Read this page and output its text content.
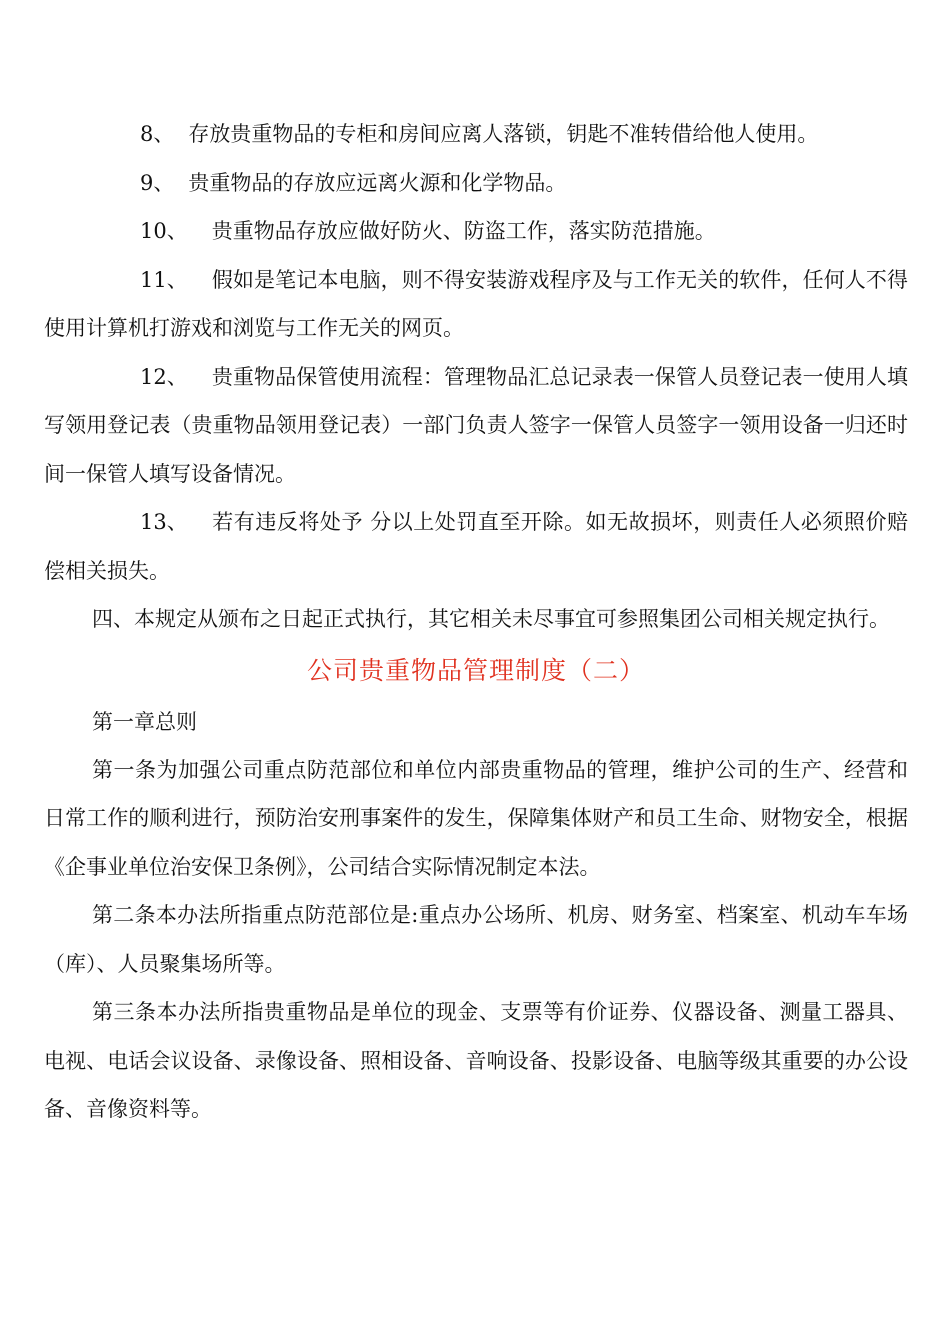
8、 存放贵重物品的专柜和房间应离人落锁，钥匙不准转借给他人使用。

9、 贵重物品的存放应远离火源和化学物品。

10、 贵重物品存放应做好防火、防盗工作，落实防范措施。

11、 假如是笔记本电脑，则不得安装游戏程序及与工作无关的软件，任何人不得使用计算机打游戏和浏览与工作无关的网页。

12、 贵重物品保管使用流程：管理物品汇总记录表一保管人员登记表一使用人填写领用登记表（贵重物品领用登记表）一部门负责人签字一保管人员签字一领用设备一归还时间一保管人填写设备情况。

13、 若有违反将处予 分以上处罚直至开除。如无故损坏，则责任人必须照价赔偿相关损失。

四、本规定从颁布之日起正式执行，其它相关未尽事宜可参照集团公司相关规定执行。

公司贵重物品管理制度（二）

第一章总则

第一条为加强公司重点防范部位和单位内部贵重物品的管理，维护公司的生产、经营和日常工作的顺利进行，预防治安刑事案件的发生，保障集体财产和员工生命、财物安全，根据《企事业单位治安保卫条例》，公司结合实际情况制定本法。

第二条本办法所指重点防范部位是:重点办公场所、机房、财务室、档案室、机动车车场（库）、人员聚集场所等。

第三条本办法所指贵重物品是单位的现金、支票等有价证券、仪器设备、测量工器具、电视、电话会议设备、录像设备、照相设备、音响设备、投影设备、电脑等级其重要的办公设备、音像资料等。
